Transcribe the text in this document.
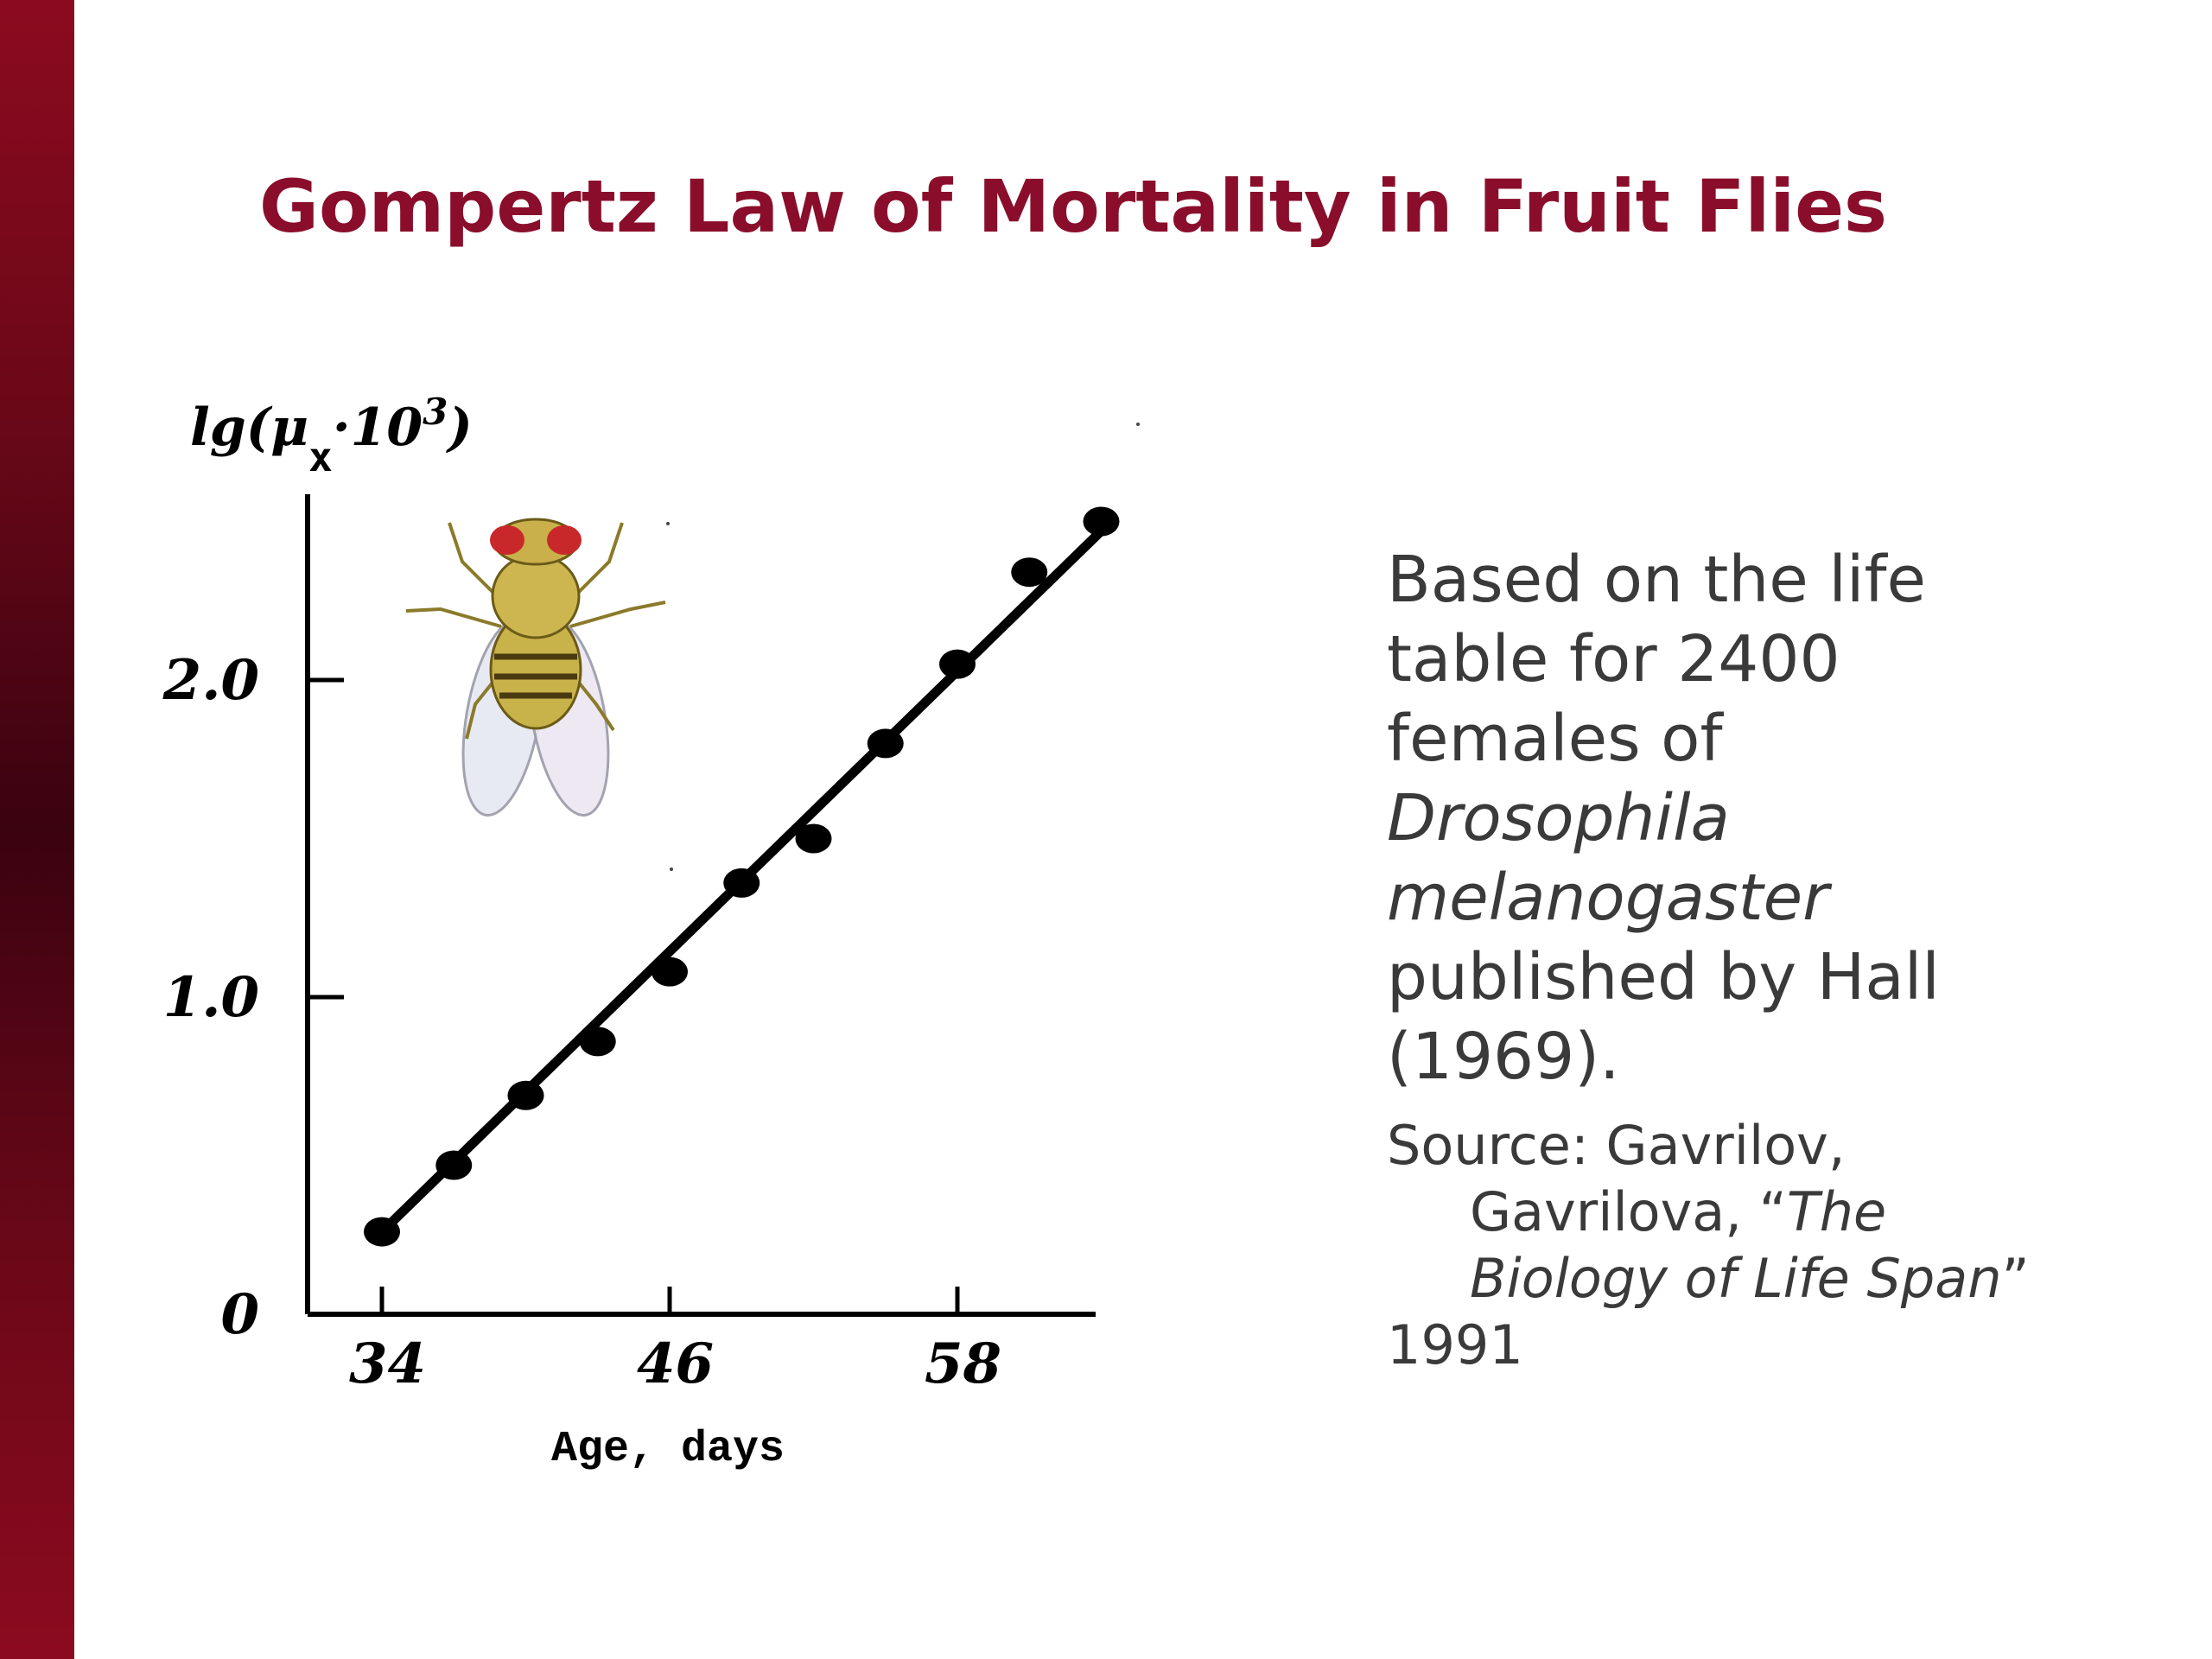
Gompertz Law of Mortality in Fruit Flies
34	46	58
0
1.0
2.0
Age, days
$\lg(\mu_x\cdot 10^3)$

Based on the life
table for 2400
females of
Drosophila
melanogaster
published by Hall
(1969).

Source: Gavrilov,
Gavrilova, “The
Biology of Life Span”

1991
